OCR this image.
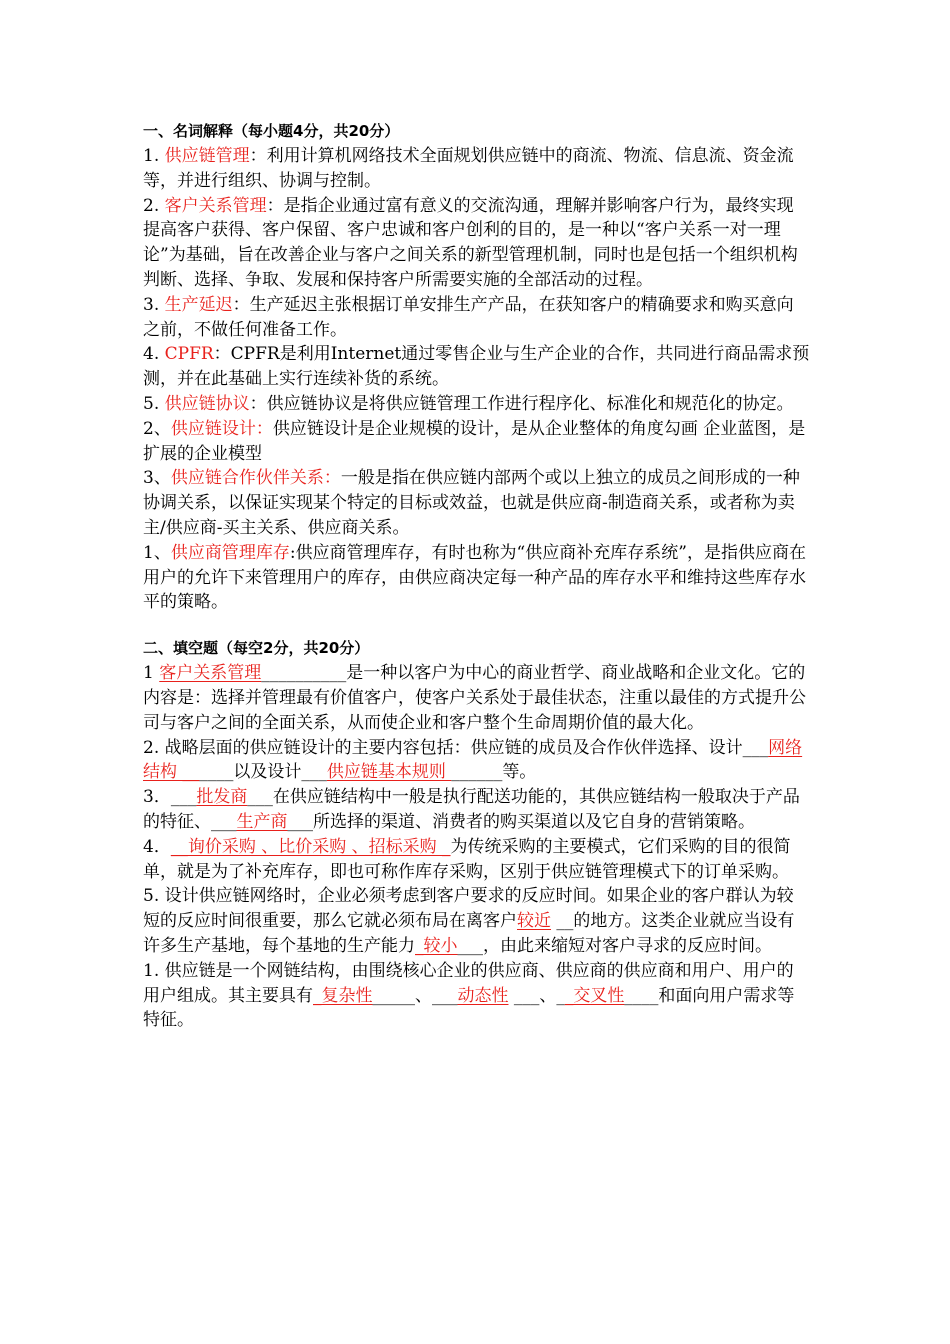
一、名词解释（每小题4分，共20分）
1. 供应链管理：利用计算机网络技术全面规划供应链中的商流、物流、信息流、资金流等，并进行组织、协调与控制。
2. 客户关系管理：是指企业通过富有意义的交流沟通，理解并影响客户行为，最终实现提高客户获得、客户保留、客户忠诚和客户创利的目的，是一种以“客户关系一对一理论”为基础，旨在改善企业与客户之间关系的新型管理机制，同时也是包括一个组织机构判断、选择、争取、发展和保持客户所需要实施的全部活动的过程。
3. 生产延迟：生产延迟主张根据订单安排生产产品，在获知客户的精确要求和购买意向之前，不做任何准备工作。
4. CPFR：CPFR是利用Internet通过零售企业与生产企业的合作，共同进行商品需求预测，并在此基础上实行连续补货的系统。
5. 供应链协议：供应链协议是将供应链管理工作进行程序化、标准化和规范化的协定。
2、供应链设计：供应链设计是企业规模的设计，是从企业整体的角度勾画 企业蓝图，是扩展的企业模型
3、供应链合作伙伴关系：一般是指在供应链内部两个或以上独立的成员之间形成的一种协调关系，以保证实现某个特定的目标或效益，也就是供应商-制造商关系，或者称为卖主/供应商-买主关系、供应商关系。
1、供应商管理库存:供应商管理库存，有时也称为“供应商补充库存系统”，是指供应商在用户的允许下来管理用户的库存，由供应商决定每一种产品的库存水平和维持这些库存水平的策略。
二、填空题（每空2分，共20分）
1 客户关系管理__________是一种以客户为中心的商业哲学、商业战略和企业文化。它的内容是：选择并管理最有价值客户，使客户关系处于最佳状态，注重以最佳的方式提升公司与客户之间的全面关系，从而使企业和客户整个生命周期价值的最大化。
2. 战略层面的供应链设计的主要内容包括：供应链的成员及合作伙伴选择、设计___网络结构 ______以及设计___供应链基本规则 ______等。
3．___批发商___在供应链结构中一般是执行配送功能的，其供应链结构一般取决于产品的特征、___生产商___所选择的渠道、消费者的购买渠道以及它自身的营销策略。
4．__询价采购 、比价采购 、招标采购 _为传统采购的主要模式，它们采购的目的很简单，就是为了补充库存，即也可称作库存采购，区别于供应链管理模式下的订单采购。
5. 设计供应链网络时，企业必须考虑到客户要求的反应时间。如果企业的客户群认为较短的反应时间很重要，那么它就必须布局在离客户较近 __的地方。这类企业就应当设有许多生产基地，每个基地的生产能力_较小___，由此来缩短对客户寻求的反应时间。
1. 供应链是一个网链结构，由围绕核心企业的供应商、供应商的供应商和用户、用户的用户组成。其主要具有_复杂性_____、___动态性 ___、__交叉性____和面向用户需求等特征。
